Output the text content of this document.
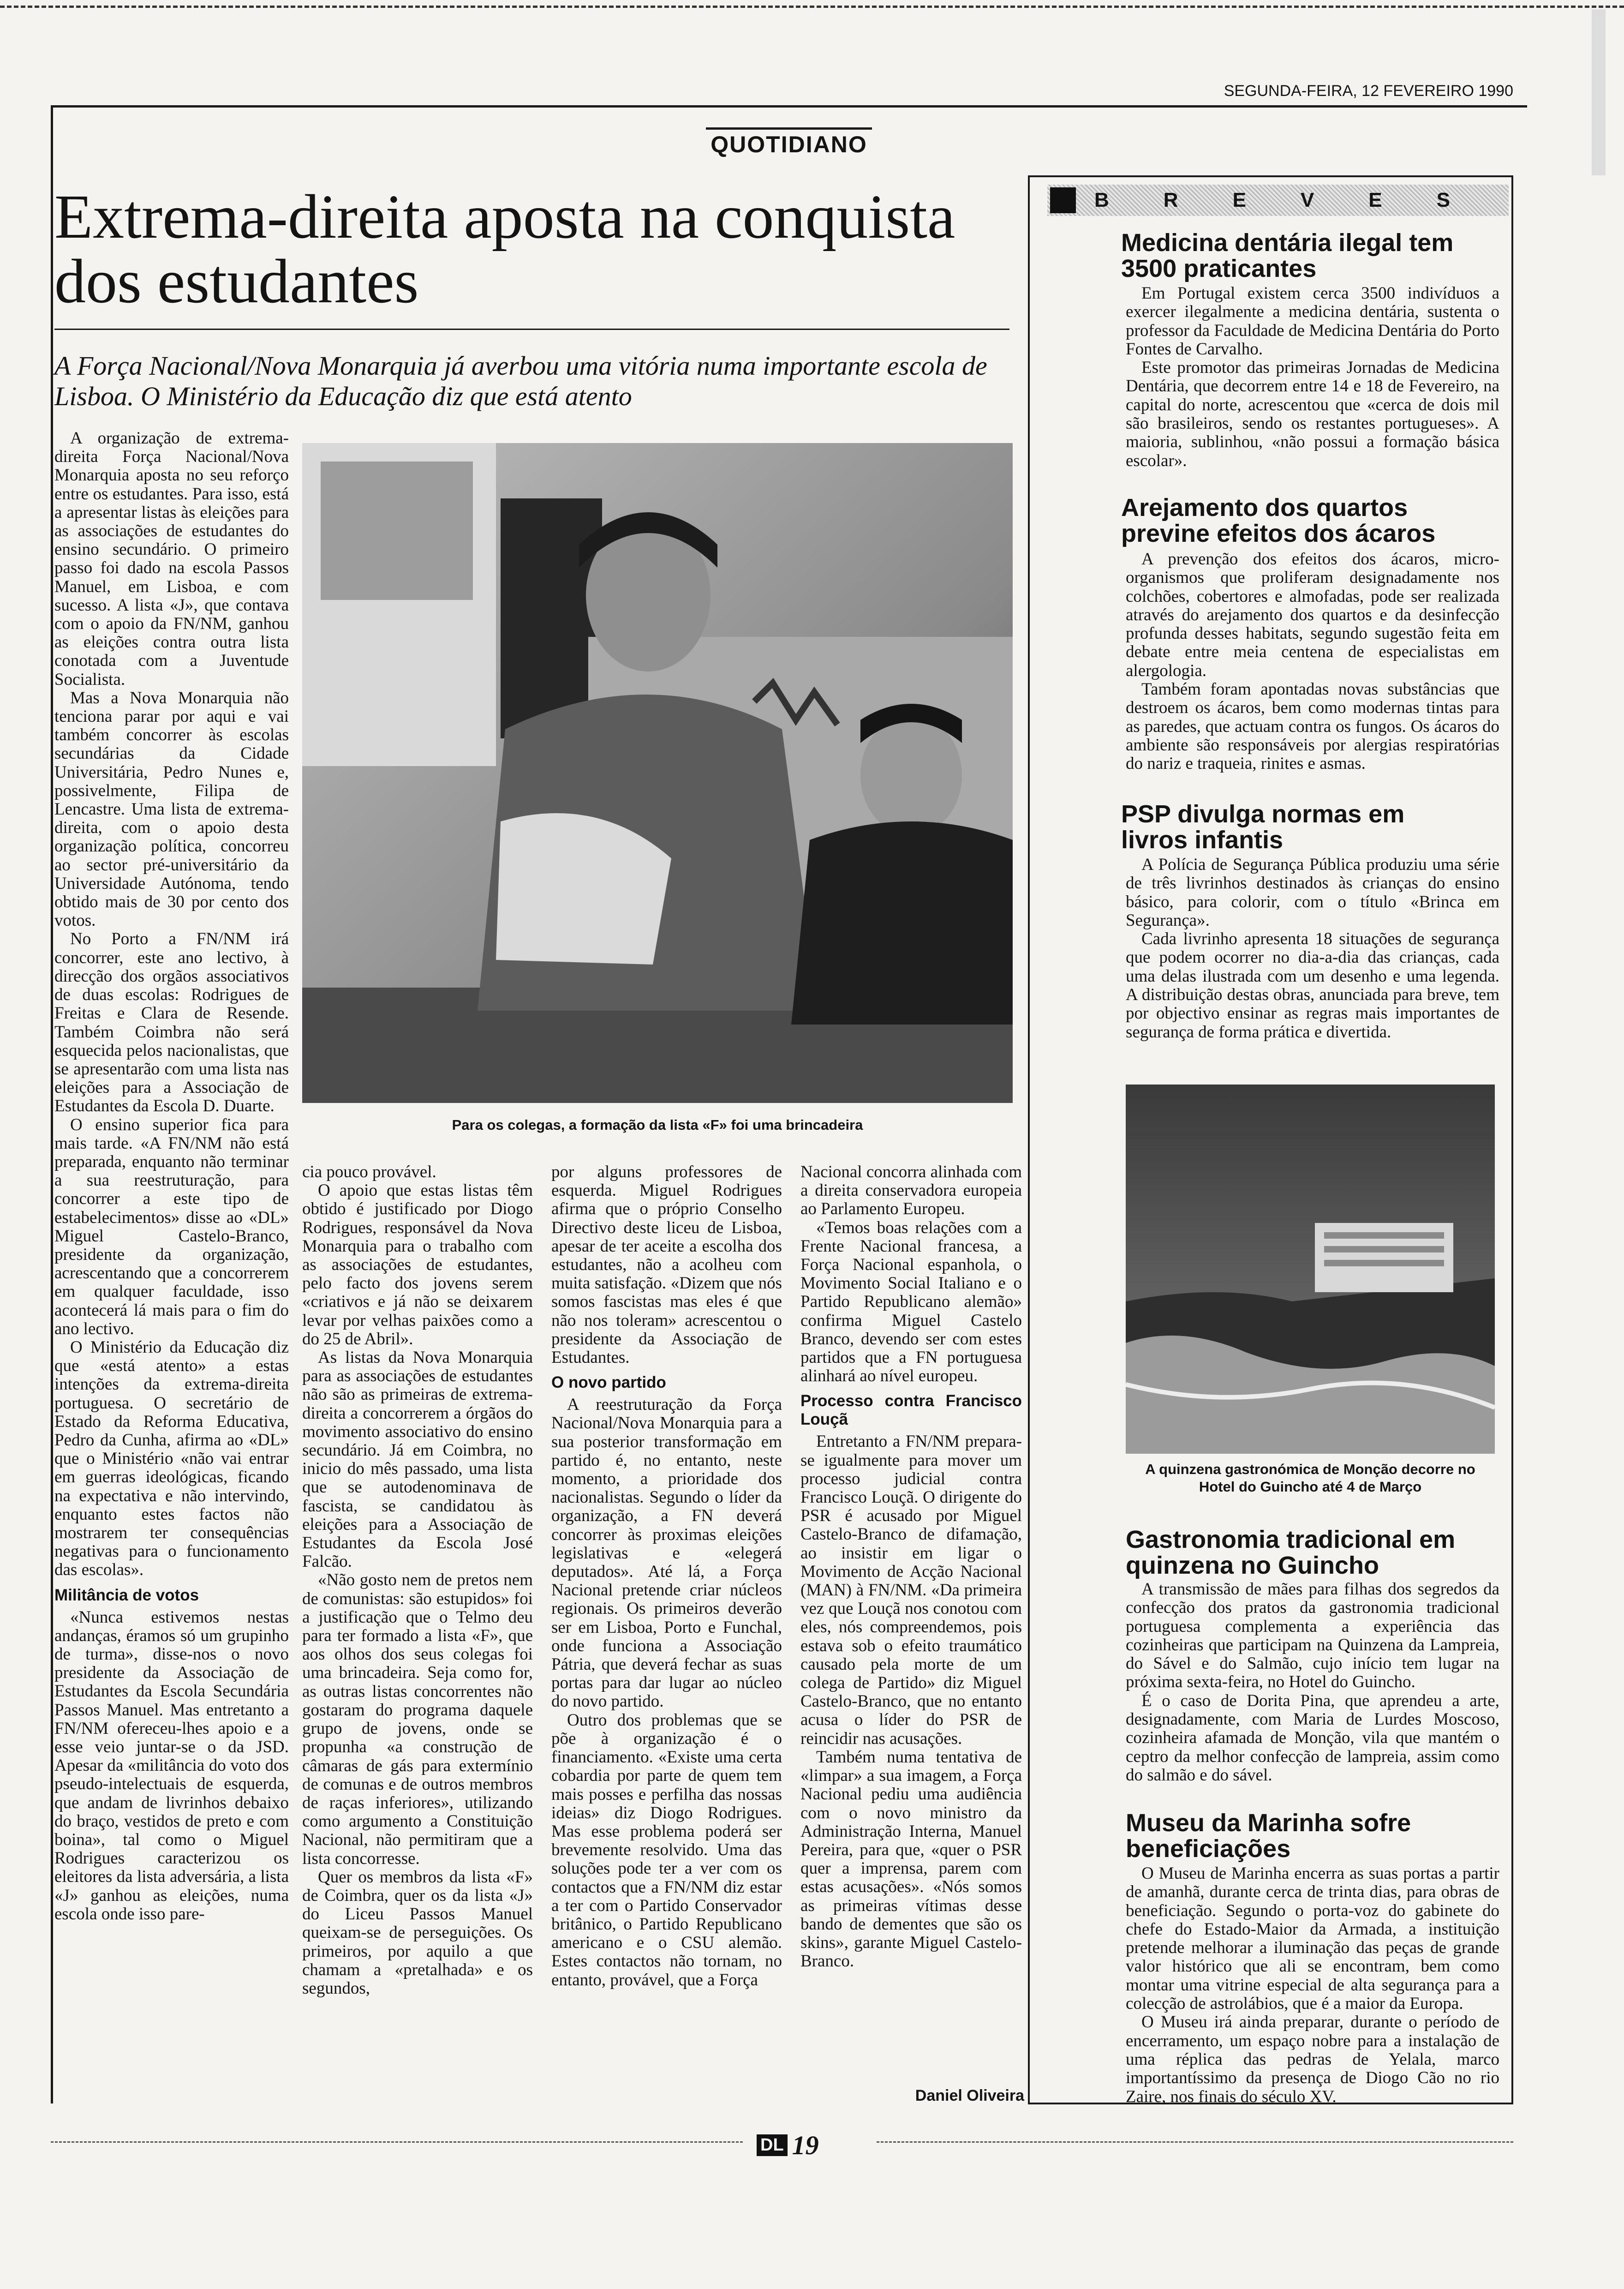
SEGUNDA-FEIRA, 12 FEVEREIRO 1990
QUOTIDIANO
Extrema-direita aposta na conquista dos estudantes
A Força Nacional/Nova Monarquia já averbou uma vitória numa importante escola de Lisboa. O Ministério da Educação diz que está atento
Para os colegas, a formação da lista «F» foi uma brincadeira

A organização de extrema-direita Força Nacional/Nova Monarquia aposta no seu reforço entre os estudantes. Para isso, está a apresentar listas às eleições para as associações de estudantes do ensino secundário. O primeiro passo foi dado na escola Passos Manuel, em Lisboa, e com sucesso. A lista «J», que contava com o apoio da FN/NM, ganhou as eleições contra outra lista conotada com a Juventude Socialista.

Mas a Nova Monarquia não tenciona parar por aqui e vai também concorrer às escolas secundárias da Cidade Universitária, Pedro Nunes e, possivelmente, Filipa de Lencastre. Uma lista de extrema-direita, com o apoio desta organização política, concorreu ao sector pré-universitário da Universidade Autónoma, tendo obtido mais de 30 por cento dos votos.

No Porto a FN/NM irá concorrer, este ano lectivo, à direcção dos orgãos associativos de duas escolas: Rodrigues de Freitas e Clara de Resende. Também Coimbra não será esquecida pelos nacionalistas, que se apresentarão com uma lista nas eleições para a Associação de Estudantes da Escola D. Duarte.

O ensino superior fica para mais tarde. «A FN/NM não está preparada, enquanto não terminar a sua reestruturação, para concorrer a este tipo de estabelecimentos» disse ao «DL» Miguel Castelo-Branco, presidente da organização, acrescentando que a concorrerem em qualquer faculdade, isso acontecerá lá mais para o fim do ano lectivo.

O Ministério da Educação diz que «está atento» a estas intenções da extrema-direita portuguesa. O secretário de Estado da Reforma Educativa, Pedro da Cunha, afirma ao «DL» que o Ministério «não vai entrar em guerras ideológicas, ficando na expectativa e não intervindo, enquanto estes factos não mostrarem ter consequências negativas para o funcionamento das escolas».

Militância de votos

«Nunca estivemos nestas andanças, éramos só um grupinho de turma», disse-nos o novo presidente da Associação de Estudantes da Escola Secundária Passos Manuel. Mas entretanto a FN/NM ofereceu-lhes apoio e a esse veio juntar-se o da JSD. Apesar da «militância do voto dos pseudo-intelectuais de esquerda, que andam de livrinhos debaixo do braço, vestidos de preto e com boina», tal como o Miguel Rodrigues caracterizou os eleitores da lista adversária, a lista «J» ganhou as eleições, numa escola onde isso pare-

cia pouco provável.

O apoio que estas listas têm obtido é justificado por Diogo Rodrigues, responsável da Nova Monarquia para o trabalho com as associações de estudantes, pelo facto dos jovens serem «criativos e já não se deixarem levar por velhas paixões como a do 25 de Abril».

As listas da Nova Monarquia para as associações de estudantes não são as primeiras de extrema-direita a concorrerem a órgãos do movimento associativo do ensino secundário. Já em Coimbra, no inicio do mês passado, uma lista que se autodenominava de fascista, se candidatou às eleições para a Associação de Estudantes da Escola José Falcão.

«Não gosto nem de pretos nem de comunistas: são estupidos» foi a justificação que o Telmo deu para ter formado a lista «F», que aos olhos dos seus colegas foi uma brincadeira. Seja como for, as outras listas concorrentes não gostaram do programa daquele grupo de jovens, onde se propunha «a construção de câmaras de gás para extermínio de comunas e de outros membros de raças inferiores», utilizando como argumento a Constituição Nacional, não permitiram que a lista concorresse.

Quer os membros da lista «F» de Coimbra, quer os da lista «J» do Liceu Passos Manuel queixam-se de perseguições. Os primeiros, por aquilo a que chamam a «pretalhada» e os segundos,

por alguns professores de esquerda. Miguel Rodrigues afirma que o próprio Conselho Directivo deste liceu de Lisboa, apesar de ter aceite a escolha dos estudantes, não a acolheu com muita satisfação. «Dizem que nós somos fascistas mas eles é que não nos toleram» acrescentou o presidente da Associação de Estudantes.

O novo partido

A reestruturação da Força Nacional/Nova Monarquia para a sua posterior transformação em partido é, no entanto, neste momento, a prioridade dos nacionalistas. Segundo o líder da organização, a FN deverá concorrer às proximas eleições legislativas e «elegerá deputados». Até lá, a Força Nacional pretende criar núcleos regionais. Os primeiros deverão ser em Lisboa, Porto e Funchal, onde funciona a Associação Pátria, que deverá fechar as suas portas para dar lugar ao núcleo do novo partido.

Outro dos problemas que se põe à organização é o financiamento. «Existe uma certa cobardia por parte de quem tem mais posses e perfilha das nossas ideias» diz Diogo Rodrigues. Mas esse problema poderá ser brevemente resolvido. Uma das soluções pode ter a ver com os contactos que a FN/NM diz estar a ter com o Partido Conservador britânico, o Partido Republicano americano e o CSU alemão. Estes contactos não tornam, no entanto, provável, que a Força

Nacional concorra alinhada com a direita conservadora europeia ao Parlamento Europeu.

«Temos boas relações com a Frente Nacional francesa, a Força Nacional espanhola, o Movimento Social Italiano e o Partido Republicano alemão» confirma Miguel Castelo Branco, devendo ser com estes partidos que a FN portuguesa alinhará ao nível europeu.

Processo contra Francisco Louçã

Entretanto a FN/NM prepara-se igualmente para mover um processo judicial contra Francisco Louçã. O dirigente do PSR é acusado por Miguel Castelo-Branco de difamação, ao insistir em ligar o Movimento de Acção Nacional (MAN) à FN/NM. «Da primeira vez que Louçã nos conotou com eles, nós compreendemos, pois estava sob o efeito traumático causado pela morte de um colega de Partido» diz Miguel Castelo-Branco, que no entanto acusa o líder do PSR de reincidir nas acusações.

Também numa tentativa de «limpar» a sua imagem, a Força Nacional pediu uma audiência com o novo ministro da Administração Interna, Manuel Pereira, para que, «quer o PSR quer a imprensa, parem com estas acusações». «Nós somos as primeiras vítimas desse bando de dementes que são os skins», garante Miguel Castelo-Branco.

Daniel Oliveira
B	R	E	V	E	S
Medicina dentária ilegal tem 3500 praticantes

Em Portugal existem cerca 3500 indivíduos a exercer ilegalmente a medicina dentária, sustenta o professor da Faculdade de Medicina Dentária do Porto Fontes de Carvalho.

Este promotor das primeiras Jornadas de Medicina Dentária, que decorrem entre 14 e 18 de Fevereiro, na capital do norte, acrescentou que «cerca de dois mil são brasileiros, sendo os restantes portugueses». A maioria, sublinhou, «não possui a formação básica escolar».

Arejamento dos quartos previne efeitos dos ácaros

A prevenção dos efeitos dos ácaros, micro-organismos que proliferam designadamente nos colchões, cobertores e almofadas, pode ser realizada através do arejamento dos quartos e da desinfecção profunda desses habitats, segundo sugestão feita em debate entre meia centena de especialistas em alergologia.

Também foram apontadas novas substâncias que destroem os ácaros, bem como modernas tintas para as paredes, que actuam contra os fungos. Os ácaros do ambiente são responsáveis por alergias respiratórias do nariz e traqueia, rinites e asmas.

PSP divulga normas em livros infantis

A Polícia de Segurança Pública produziu uma série de três livrinhos destinados às crianças do ensino básico, para colorir, com o título «Brinca em Segurança».

Cada livrinho apresenta 18 situações de segurança que podem ocorrer no dia-a-dia das crianças, cada uma delas ilustrada com um desenho e uma legenda. A distribuição destas obras, anunciada para breve, tem por objectivo ensinar as regras mais importantes de segurança de forma prática e divertida.

A quinzena gastronómica de Monção decorre no Hotel do Guincho até 4 de Março
Gastronomia tradicional em quinzena no Guincho

A transmissão de mães para filhas dos segredos da confecção dos pratos da gastronomia tradicional portuguesa complementa a experiência das cozinheiras que participam na Quinzena da Lampreia, do Sável e do Salmão, cujo início tem lugar na próxima sexta-feira, no Hotel do Guincho.

É o caso de Dorita Pina, que aprendeu a arte, designadamente, com Maria de Lurdes Moscoso, cozinheira afamada de Monção, vila que mantém o ceptro da melhor confecção de lampreia, assim como do salmão e do sável.

Museu da Marinha sofre beneficiações

O Museu de Marinha encerra as suas portas a partir de amanhã, durante cerca de trinta dias, para obras de beneficiação. Segundo o porta-voz do gabinete do chefe do Estado-Maior da Armada, a instituição pretende melhorar a iluminação das peças de grande valor histórico que ali se encontram, bem como montar uma vitrine especial de alta segurança para a colecção de astrolábios, que é a maior da Europa.

O Museu irá ainda preparar, durante o período de encerramento, um espaço nobre para a instalação de uma réplica das pedras de Yelala, marco importantíssimo da presença de Diogo Cão no rio Zaire, nos finais do século XV.

DL 19
